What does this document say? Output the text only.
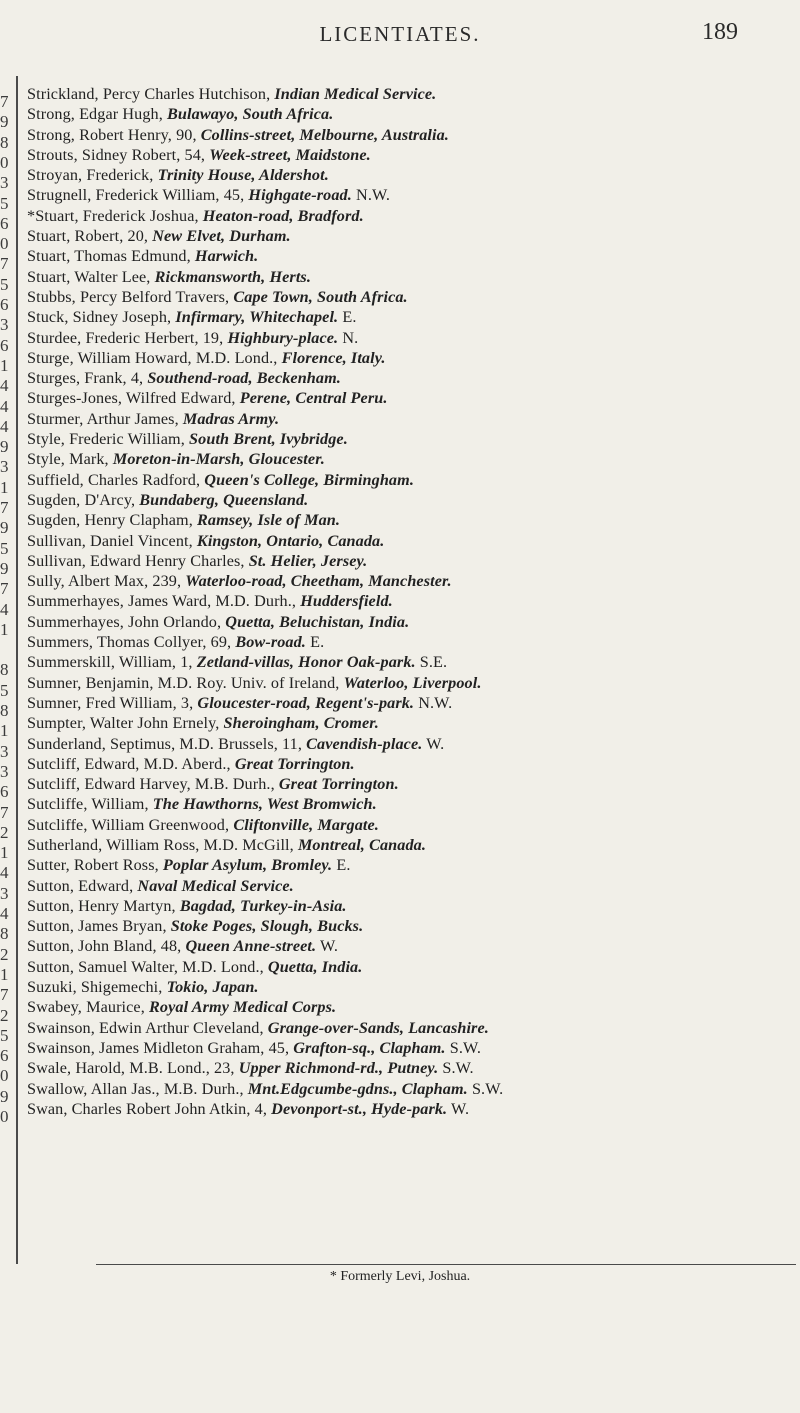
LICENTIATES.	189
7
9
8
0
3
5
6
0
7
5
6
3
6
1
4
4
4
9
3
1
7
9
5
9
7
4
1
8
5
8
1
3
3
6
7
2
1
4
3
4
8
2
1
7
2
5
6
0
9
0
Strickland, Percy Charles Hutchison, Indian Medical Service.
Strong, Edgar Hugh, Bulawayo, South Africa.
Strong, Robert Henry, 90, Collins-street, Melbourne, Australia.
Strouts, Sidney Robert, 54, Week-street, Maidstone.
Stroyan, Frederick, Trinity House, Aldershot.
Strugnell, Frederick William, 45, Highgate-road. N.W.
*Stuart, Frederick Joshua, Heaton-road, Bradford.
Stuart, Robert, 20, New Elvet, Durham.
Stuart, Thomas Edmund, Harwich.
Stuart, Walter Lee, Rickmansworth, Herts.
Stubbs, Percy Belford Travers, Cape Town, South Africa.
Stuck, Sidney Joseph, Infirmary, Whitechapel. E.
Sturdee, Frederic Herbert, 19, Highbury-place. N.
Sturge, William Howard, M.D. Lond., Florence, Italy.
Sturges, Frank, 4, Southend-road, Beckenham.
Sturges-Jones, Wilfred Edward, Perene, Central Peru.
Sturmer, Arthur James, Madras Army.
Style, Frederic William, South Brent, Ivybridge.
Style, Mark, Moreton-in-Marsh, Gloucester.
Suffield, Charles Radford, Queen's College, Birmingham.
Sugden, D'Arcy, Bundaberg, Queensland.
Sugden, Henry Clapham, Ramsey, Isle of Man.
Sullivan, Daniel Vincent, Kingston, Ontario, Canada.
Sullivan, Edward Henry Charles, St. Helier, Jersey.
Sully, Albert Max, 239, Waterloo-road, Cheetham, Manchester.
Summerhayes, James Ward, M.D. Durh., Huddersfield.
Summerhayes, John Orlando, Quetta, Beluchistan, India.
Summers, Thomas Collyer, 69, Bow-road. E.
Summerskill, William, 1, Zetland-villas, Honor Oak-park. S.E.
Sumner, Benjamin, M.D. Roy. Univ. of Ireland, Waterloo, Liverpool.
Sumner, Fred William, 3, Gloucester-road, Regent's-park. N.W.
Sumpter, Walter John Ernely, Sheroingham, Cromer.
Sunderland, Septimus, M.D. Brussels, 11, Cavendish-place. W.
Sutcliff, Edward, M.D. Aberd., Great Torrington.
Sutcliff, Edward Harvey, M.B. Durh., Great Torrington.
Sutcliffe, William, The Hawthorns, West Bromwich.
Sutcliffe, William Greenwood, Cliftonville, Margate.
Sutherland, William Ross, M.D. McGill, Montreal, Canada.
Sutter, Robert Ross, Poplar Asylum, Bromley. E.
Sutton, Edward, Naval Medical Service.
Sutton, Henry Martyn, Bagdad, Turkey-in-Asia.
Sutton, James Bryan, Stoke Poges, Slough, Bucks.
Sutton, John Bland, 48, Queen Anne-street. W.
Sutton, Samuel Walter, M.D. Lond., Quetta, India.
Suzuki, Shigemechi, Tokio, Japan.
Swabey, Maurice, Royal Army Medical Corps.
Swainson, Edwin Arthur Cleveland, Grange-over-Sands, Lancashire.
Swainson, James Midleton Graham, 45, Grafton-sq., Clapham. S.W.
Swale, Harold, M.B. Lond., 23, Upper Richmond-rd., Putney. S.W.
Swallow, Allan Jas., M.B. Durh., Mnt.Edgcumbe-gdns., Clapham. S.W.
Swan, Charles Robert John Atkin, 4, Devonport-st., Hyde-park. W.
* Formerly Levi, Joshua.
